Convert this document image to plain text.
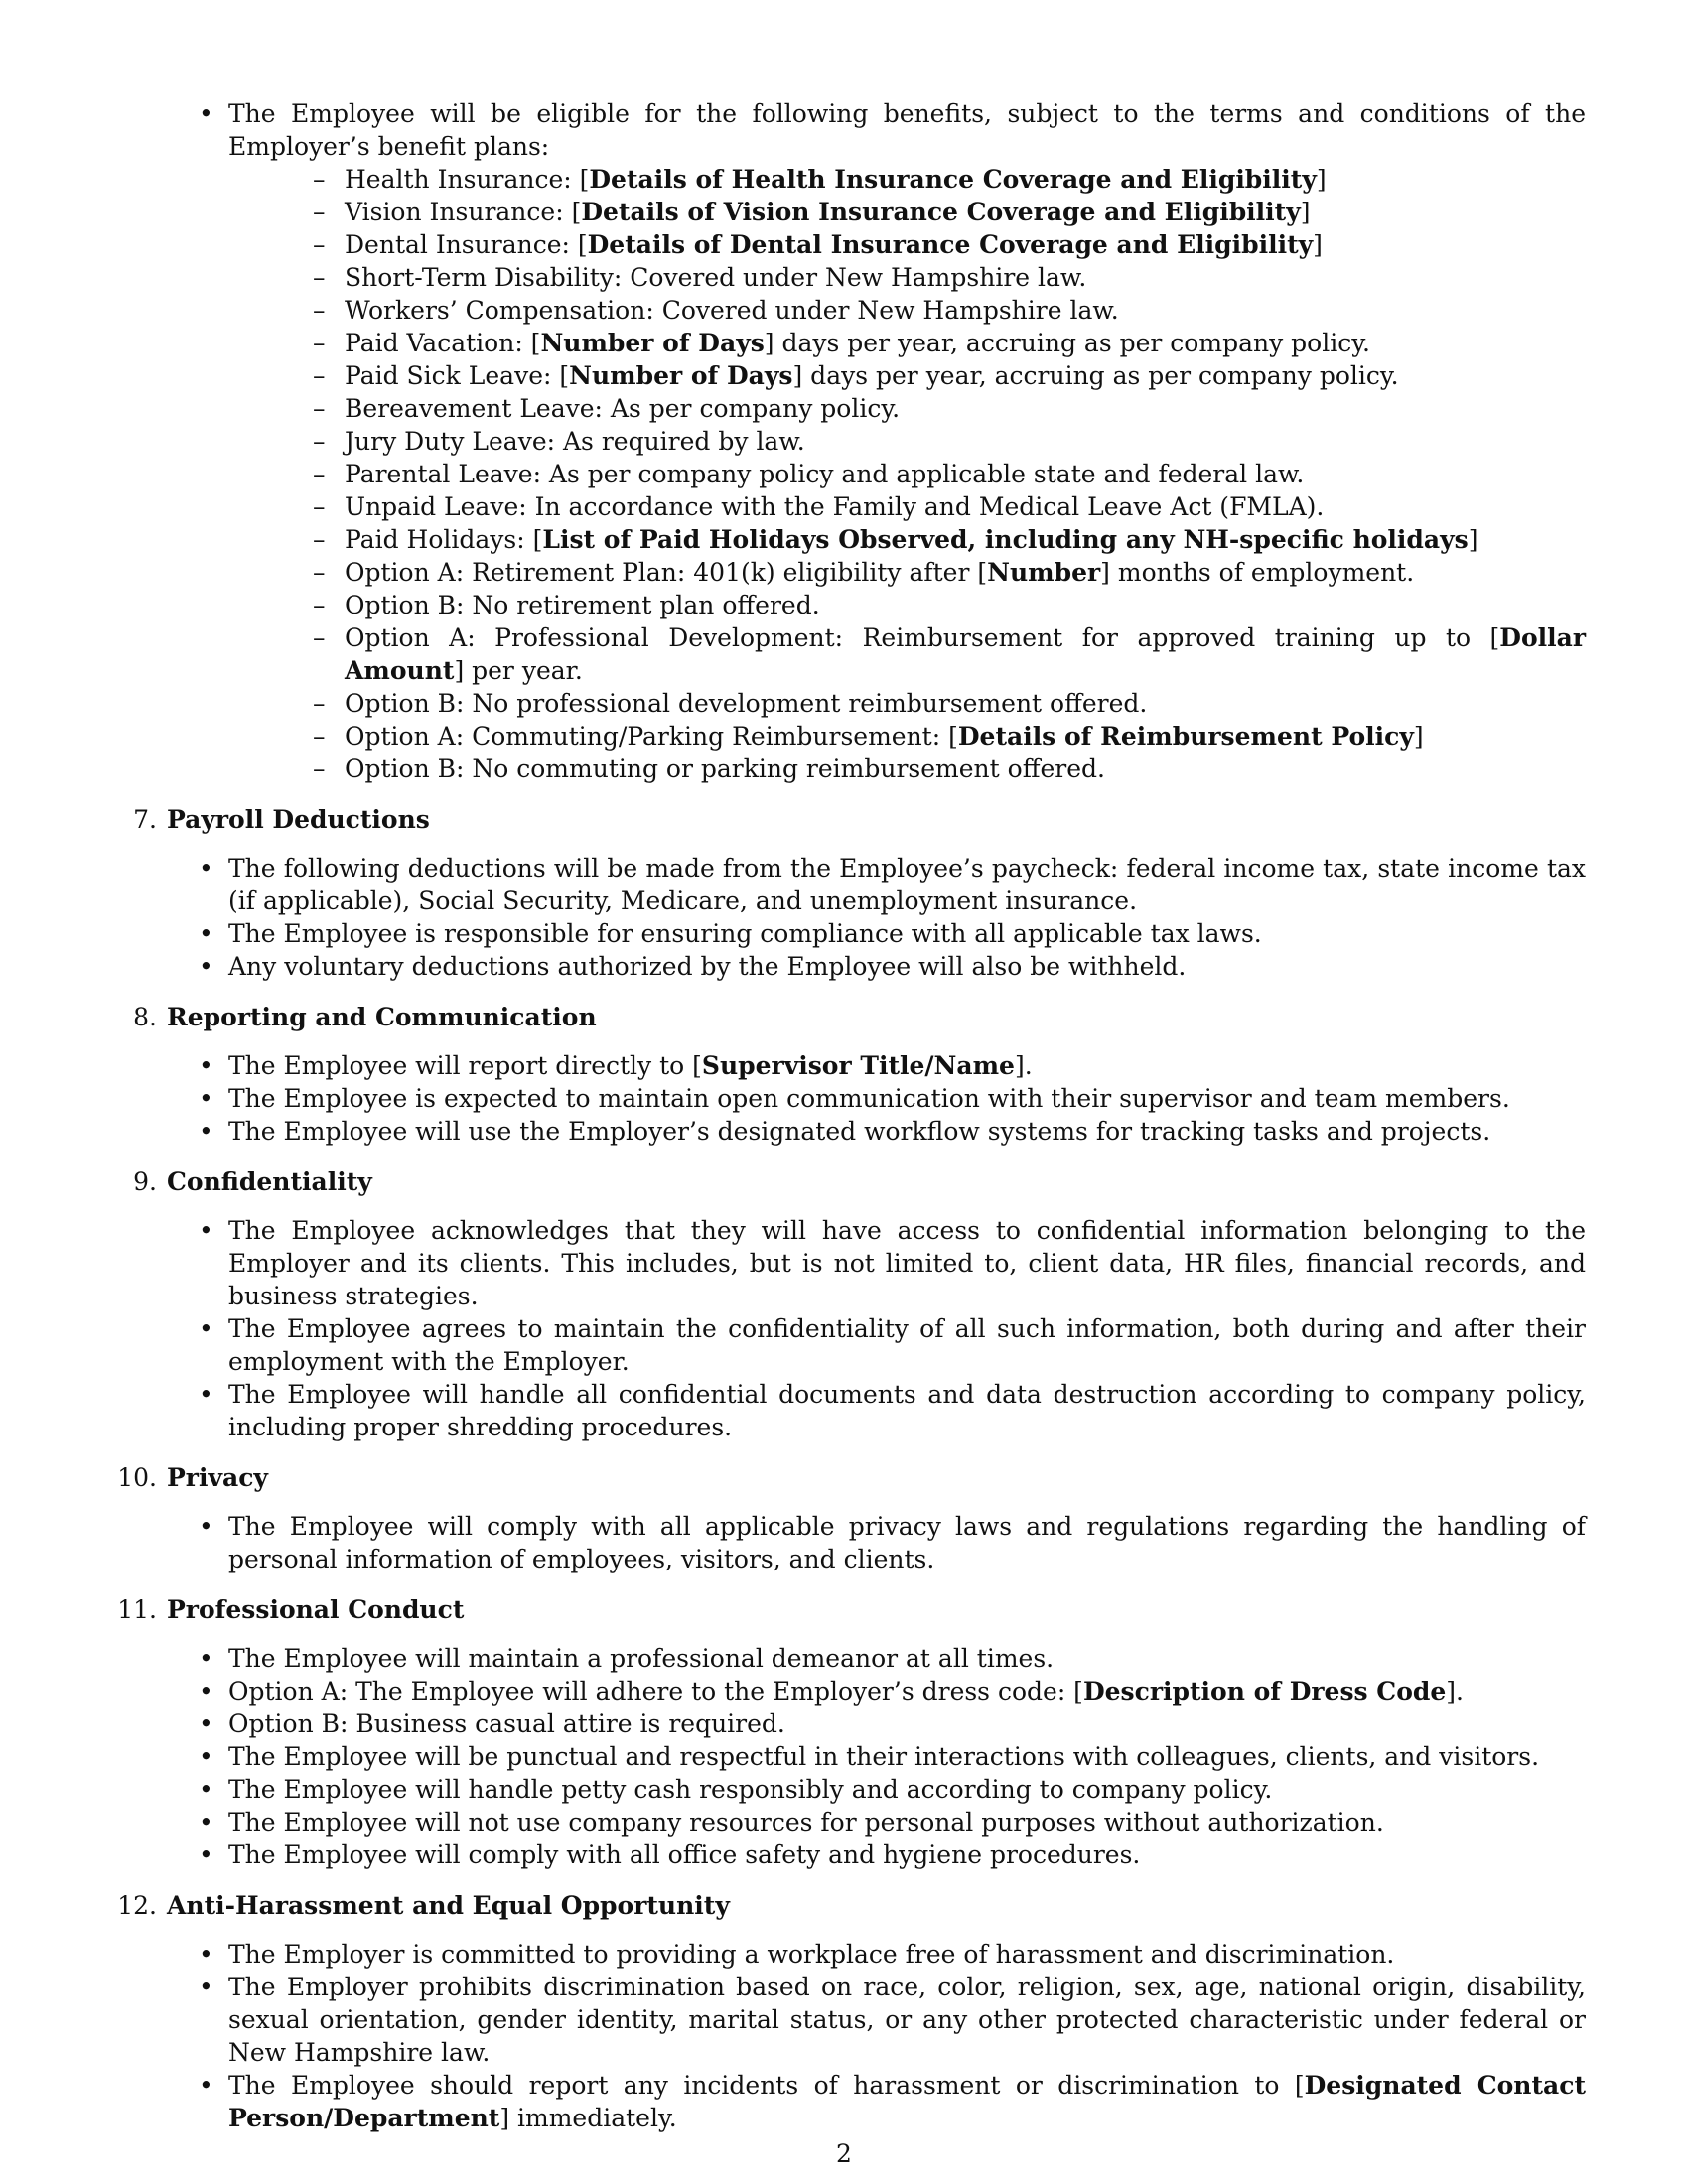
• The Employee will be eligible for the following benefits, subject to the terms and conditions of the Employer’s benefit plans:
– Health Insurance: [Details of Health Insurance Coverage and Eligibility]
– Vision Insurance: [Details of Vision Insurance Coverage and Eligibility]
– Dental Insurance: [Details of Dental Insurance Coverage and Eligibility]
– Short-Term Disability: Covered under New Hampshire law.
– Workers’ Compensation: Covered under New Hampshire law.
– Paid Vacation: [Number of Days] days per year, accruing as per company policy.
– Paid Sick Leave: [Number of Days] days per year, accruing as per company policy.
– Bereavement Leave: As per company policy.
– Jury Duty Leave: As required by law.
– Parental Leave: As per company policy and applicable state and federal law.
– Unpaid Leave: In accordance with the Family and Medical Leave Act (FMLA).
– Paid Holidays: [List of Paid Holidays Observed, including any NH-specific holidays]
– Option A: Retirement Plan: 401(k) eligibility after [Number] months of employment.
– Option B: No retirement plan offered.
– Option A: Professional Development: Reimbursement for approved training up to [Dollar Amount] per year.
– Option B: No professional development reimbursement offered.
– Option A: Commuting/Parking Reimbursement: [Details of Reimbursement Policy]
– Option B: No commuting or parking reimbursement offered.
7. Payroll Deductions
• The following deductions will be made from the Employee’s paycheck: federal income tax, state income tax (if applicable), Social Security, Medicare, and unemployment insurance.
• The Employee is responsible for ensuring compliance with all applicable tax laws.
• Any voluntary deductions authorized by the Employee will also be withheld.
8. Reporting and Communication
• The Employee will report directly to [Supervisor Title/Name].
• The Employee is expected to maintain open communication with their supervisor and team members.
• The Employee will use the Employer’s designated workflow systems for tracking tasks and projects.
9. Confidentiality
• The Employee acknowledges that they will have access to confidential information belonging to the Employer and its clients. This includes, but is not limited to, client data, HR files, financial records, and business strategies.
• The Employee agrees to maintain the confidentiality of all such information, both during and after their employment with the Employer.
• The Employee will handle all confidential documents and data destruction according to company policy, including proper shredding procedures.
10. Privacy
• The Employee will comply with all applicable privacy laws and regulations regarding the handling of personal information of employees, visitors, and clients.
11. Professional Conduct
• The Employee will maintain a professional demeanor at all times.
• Option A: The Employee will adhere to the Employer’s dress code: [Description of Dress Code].
• Option B: Business casual attire is required.
• The Employee will be punctual and respectful in their interactions with colleagues, clients, and visitors.
• The Employee will handle petty cash responsibly and according to company policy.
• The Employee will not use company resources for personal purposes without authorization.
• The Employee will comply with all office safety and hygiene procedures.
12. Anti-Harassment and Equal Opportunity
• The Employer is committed to providing a workplace free of harassment and discrimination.
• The Employer prohibits discrimination based on race, color, religion, sex, age, national origin, disability, sexual orientation, gender identity, marital status, or any other protected characteristic under federal or New Hampshire law.
• The Employee should report any incidents of harassment or discrimination to [Designated Contact Person/Department] immediately.
2
